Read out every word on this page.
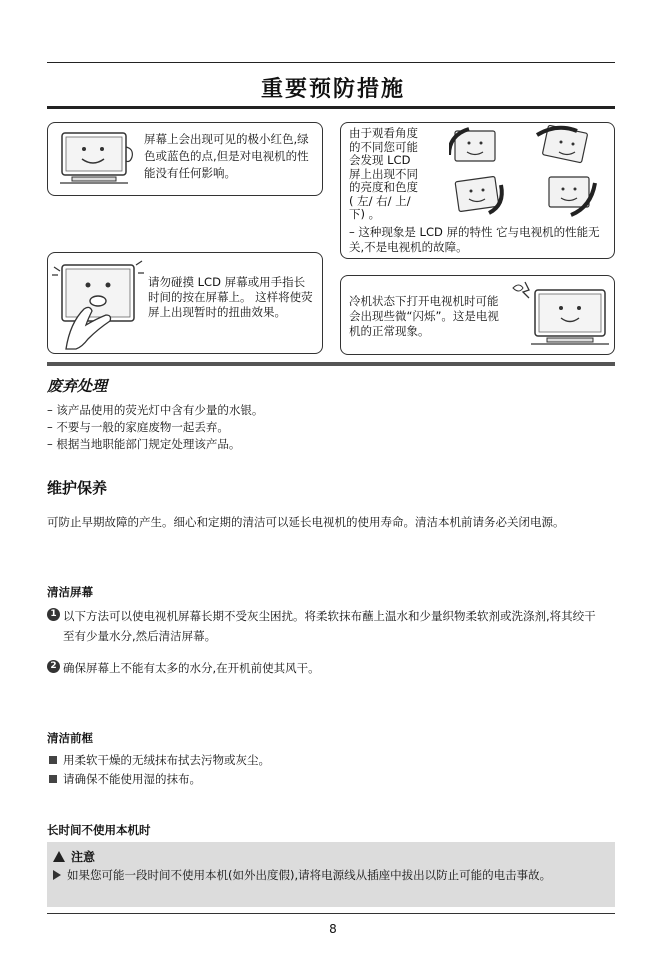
重要预防措施
屏幕上会出现可见的极小红色,绿色或蓝色的点,但是对电视机的性能没有任何影响。
由于观看角度
的不同您可能
会发现 LCD
屏上出现不同
的亮度和色度
( 左/ 右/ 上/
下) 。
– 这种现象是 LCD 屏的特性 它与电视机的性能无关,不是电视机的故障。
请勿碰摸 LCD 屏幕或用手指长时间的按在屏幕上。 这样将使荧屏上出现暂时的扭曲效果。
冷机状态下打开电视机时可能会出现些微“闪烁”。这是电视机的正常现象。
废弃处理
– 该产品使用的荧光灯中含有少量的水银。
– 不要与一般的家庭废物一起丢弃。
– 根据当地职能部门规定处理该产品。
维护保养
可防止早期故障的产生。细心和定期的清洁可以延长电视机的使用寿命。清洁本机前请务必关闭电源。
清洁屏幕
1 以下方法可以使电视机屏幕长期不受灰尘困扰。将柔软抹布蘸上温水和少量织物柔软剂或洗涤剂,将其绞干至有少量水分,然后清洁屏幕。
2 确保屏幕上不能有太多的水分,在开机前使其风干。
清洁前框
用柔软干燥的无绒抹布拭去污物或灰尘。
请确保不能使用湿的抹布。
长时间不使用本机时
注意
如果您可能一段时间不使用本机(如外出度假),请将电源线从插座中拔出以防止可能的电击事故。
8
